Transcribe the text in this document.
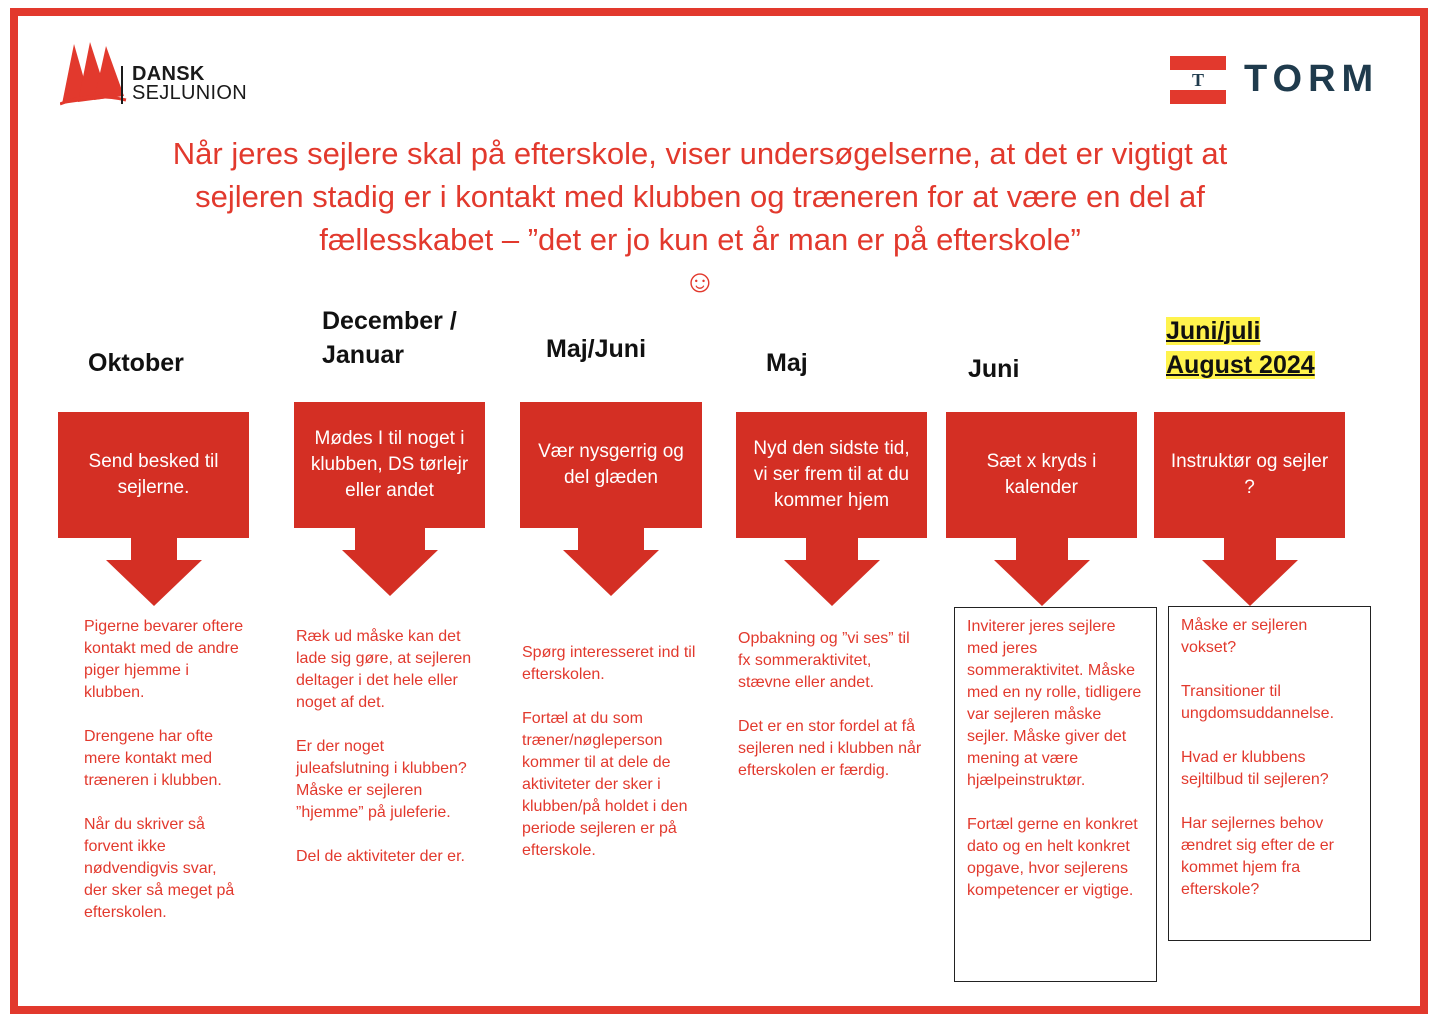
DANSK
SEJLUNION
T TORM
Når jeres sejlere skal på efterskole, viser undersøgelserne, at det er vigtigt at sejleren stadig er i kontakt med klubben og træneren for at være en del af fællesskabet – ”det er jo kun et år man er på efterskole”
☺
Oktober
December / Januar	Maj/Juni	Maj	Juni
Juni/juli
August 2024
Send besked til sejlerne.
Mødes I til noget i klubben, DS tørlejr eller andet
Vær nysgerrig og del glæden
Nyd den sidste tid, vi ser frem til at du kommer hjem
Sæt x kryds i kalender
Instruktør og sejler ?
Pigerne bevarer oftere kontakt med de andre piger hjemme i klubben.

Drengene har ofte mere kontakt med træneren i klubben.

Når du skriver så forvent ikke nødvendigvis svar, der sker så meget på efterskolen.
Ræk ud måske kan det lade sig gøre, at sejleren deltager i det hele eller noget af det.

Er der noget juleafslutning i klubben? Måske er sejleren ”hjemme” på juleferie.

Del de aktiviteter der er.
Spørg interesseret ind til efterskolen.

Fortæl at du som træner/nøgleperson kommer til at dele de aktiviteter der sker i klubben/på holdet i den periode sejleren er på efterskole.
Opbakning og ”vi ses” til fx sommeraktivitet, stævne eller andet.

Det er en stor fordel at få sejleren ned i klubben når efterskolen er færdig.
Inviterer jeres sejlere med jeres sommeraktivitet. Måske med en ny rolle, tidligere var sejleren måske sejler. Måske giver det mening at være hjælpeinstruktør.

Fortæl gerne en konkret dato og en helt konkret opgave, hvor sejlerens kompetencer er vigtige.
Måske er sejleren vokset?

Transitioner til ungdomsuddannelse.

Hvad er klubbens sejltilbud til sejleren?

Har sejlernes behov ændret sig efter de er kommet hjem fra efterskole?
